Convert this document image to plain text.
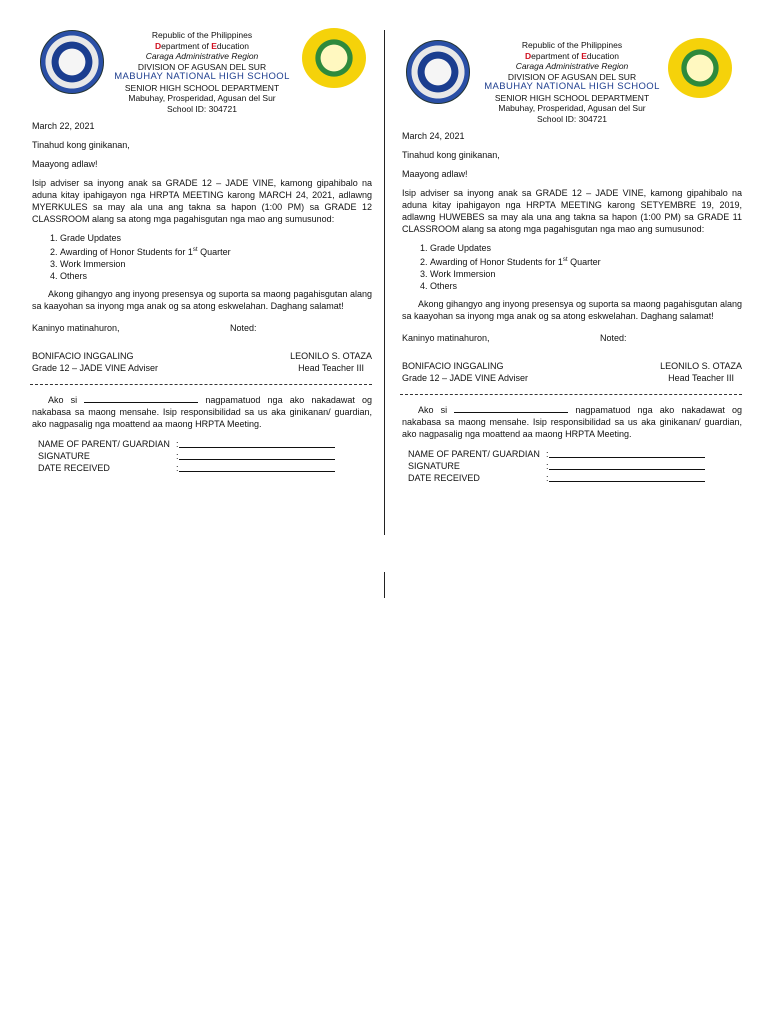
Republic of the Philippines
Department of Education
Caraga Administrative Region
DIVISION OF AGUSAN DEL SUR
MABUHAY NATIONAL HIGH SCHOOL
SENIOR HIGH SCHOOL DEPARTMENT
Mabuhay, Prosperidad, Agusan del Sur
School ID: 304721
March 22, 2021
Tinahud kong ginikanan,
Maayong adlaw!
Isip adviser sa inyong anak sa GRADE 12 – JADE VINE, kamong gipahibalo na aduna kitay ipahigayon nga HRPTA MEETING karong MARCH 24, 2021, adlawng MYERKULES sa may ala una ang takna sa hapon (1:00 PM) sa GRADE 12 CLASSROOM alang sa atong mga pagahisgutan nga mao ang sumusunod:
1. Grade Updates
2. Awarding of Honor Students for 1st Quarter
3. Work Immersion
4. Others
Akong gihangyo ang inyong presensya og suporta sa maong pagahisgutan alang sa kaayohan sa inyong mga anak og sa atong eskwelahan. Daghang salamat!
Kaninyo matinahuron,	Noted:
BONIFACIO INGGALING
Grade 12 – JADE VINE Adviser
LEONILO S. OTAZA
Head Teacher III
Ako si	nagpamatuod nga ako nakadawat og nakabasa sa maong mensahe. Isip responsibilidad sa us aka ginikanan/ guardian, ako nagpasalig nga moattend aa maong HRPTA Meeting.
NAME OF PARENT/ GUARDIAN :
SIGNATURE	:
DATE RECEIVED	:
Republic of the Philippines
Department of Education
Caraga Administrative Region
DIVISION OF AGUSAN DEL SUR
MABUHAY NATIONAL HIGH SCHOOL
SENIOR HIGH SCHOOL DEPARTMENT
Mabuhay, Prosperidad, Agusan del Sur
School ID: 304721
March 24, 2021
Tinahud kong ginikanan,
Maayong adlaw!
Isip adviser sa inyong anak sa GRADE 12 – JADE VINE, kamong gipahibalo na aduna kitay ipahigayon nga HRPTA MEETING karong SETYEMBRE 19, 2019, adlawng HUWEBES sa may ala una ang takna sa hapon (1:00 PM) sa GRADE 11 CLASSROOM alang sa atong mga pagahisgutan nga mao ang sumusunod:
1. Grade Updates
2. Awarding of Honor Students for 1st Quarter
3. Work Immersion
4. Others
Akong gihangyo ang inyong presensya og suporta sa maong pagahisgutan alang sa kaayohan sa inyong mga anak og sa atong eskwelahan. Daghang salamat!
Kaninyo matinahuron,	Noted:
BONIFACIO INGGALING
Grade 12 – JADE VINE Adviser
LEONILO S. OTAZA
Head Teacher III
Ako si	nagpamatuod nga ako nakadawat og nakabasa sa maong mensahe. Isip responsibilidad sa us aka ginikanan/ guardian, ako nagpasalig nga moattend aa maong HRPTA Meeting.
NAME OF PARENT/ GUARDIAN :
SIGNATURE	:
DATE RECEIVED	:
